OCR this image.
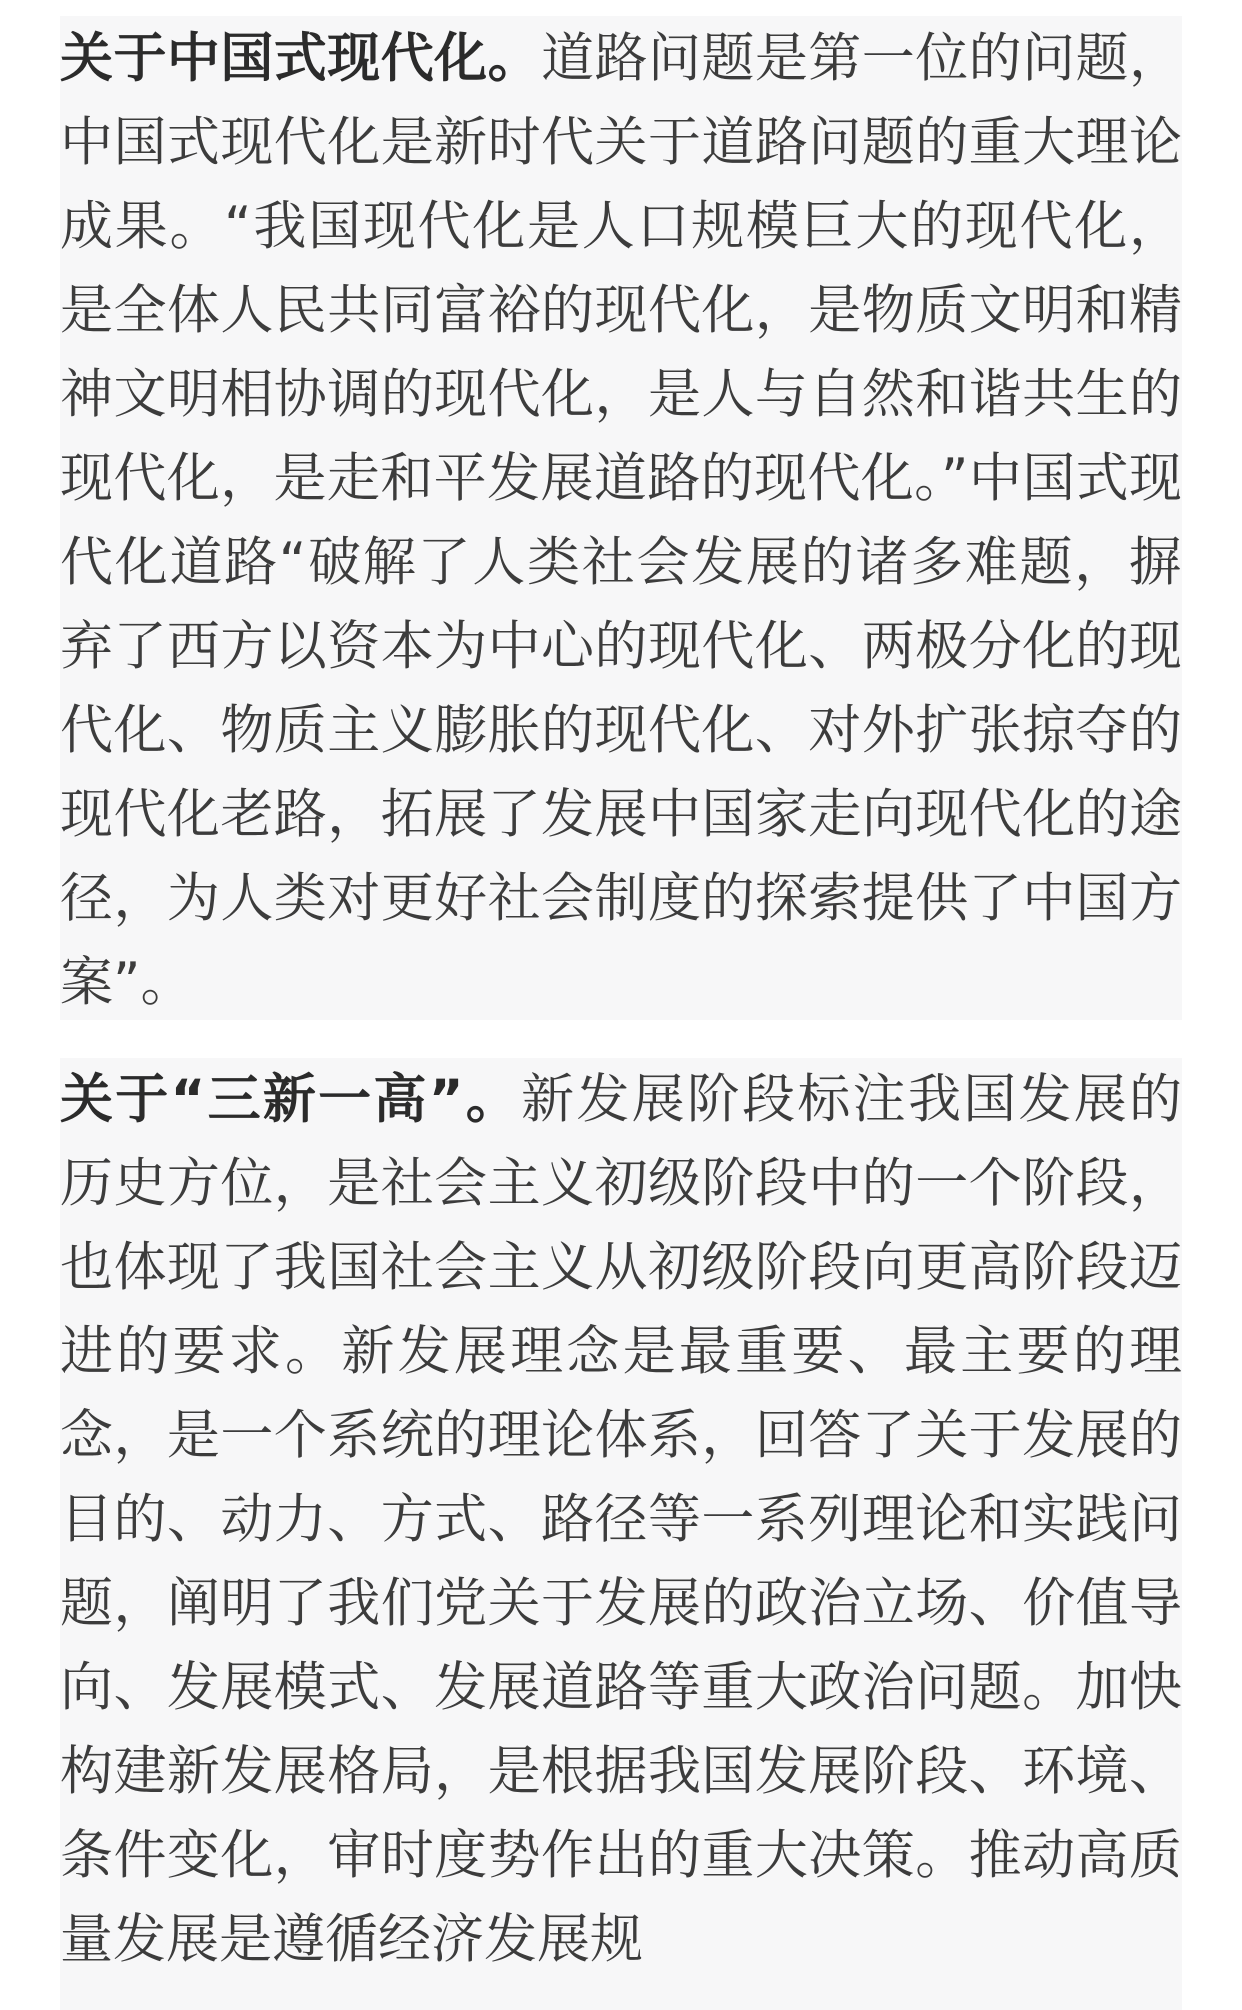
关于中国式现代化。道路问题是第一位的问题，中国式现代化是新时代关于道路问题的重大理论成果。“我国现代化是人口规模巨大的现代化，是全体人民共同富裕的现代化，是物质文明和精神文明相协调的现代化，是人与自然和谐共生的现代化，是走和平发展道路的现代化。”中国式现代化道路“破解了人类社会发展的诸多难题，摒弃了西方以资本为中心的现代化、两极分化的现代化、物质主义膨胀的现代化、对外扩张掠夺的现代化老路，拓展了发展中国家走向现代化的途径，为人类对更好社会制度的探索提供了中国方案”。

关于“三新一高”。新发展阶段标注我国发展的历史方位，是社会主义初级阶段中的一个阶段，也体现了我国社会主义从初级阶段向更高阶段迈进的要求。新发展理念是最重要、最主要的理念，是一个系统的理论体系，回答了关于发展的目的、动力、方式、路径等一系列理论和实践问题，阐明了我们党关于发展的政治立场、价值导向、发展模式、发展道路等重大政治问题。加快构建新发展格局，是根据我国发展阶段、环境、条件变化，审时度势作出的重大决策。推动高质量发展是遵循经济发展规
